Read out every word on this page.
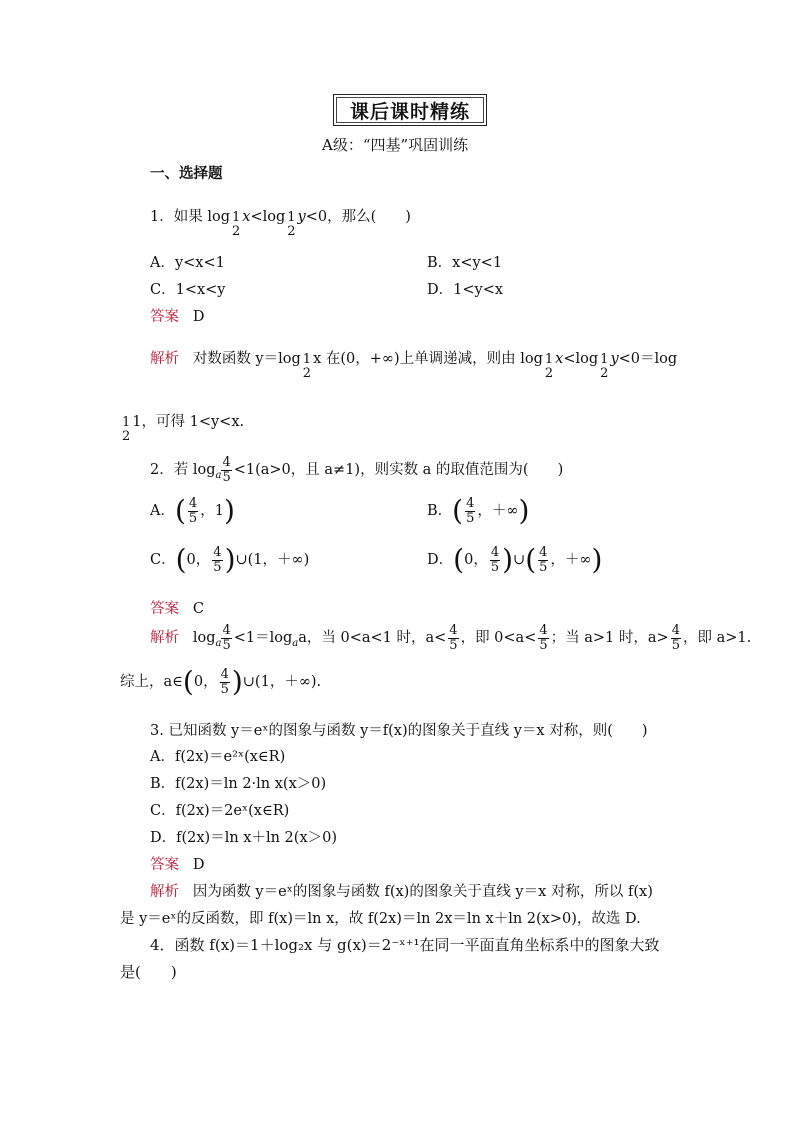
课后课时精练
A级：“四基”巩固训练
一、选择题
1．如果 log 1
2
x<log 1
2
y<0，那么(　　)
A．y<x<1	B．x<y<1
C．1<x<y	D．1<y<x
答案 D
解析 对数函数 y＝log 1
2
x 在(0，+∞)上单调递减，则由 log 1
2
x<log 1
2
y<0＝log
1
2
1，可得 1<y<x.
2．若 $\log_a \frac{4}{5} <1(a>0$，且 a≠1)，则实数 a 的取值范围为(　　)
A．( $\frac{4}{5}$ ，1)	B．( $\frac{4}{5}$ ，＋∞)
C．(0， $\frac{4}{5}$ )∪(1，＋∞)	D．(0， $\frac{4}{5}$ )∪( $\frac{4}{5}$ ，＋∞)
答案 C
解析 $\log_a \frac{4}{5} <1=\log_aa$，当 0<a<1 时，$a< \frac{4}{5}$ ，即 $0<a< \frac{4}{5}$ ；当 a>1 时，$a> \frac{4}{5}$ ，即 a>1.
综上，a∈(0， $\frac{4}{5}$ )∪(1，＋∞).
3. 已知函数 y＝eˣ的图象与函数 y＝f(x)的图象关于直线 y＝x 对称，则(　　)
A．f(2x)＝e²ˣ(x∈R)
B．f(2x)＝ln 2·ln x(x＞0)
C．f(2x)＝2eˣ(x∈R)
D．f(2x)＝ln x＋ln 2(x＞0)
答案 D
解析 因为函数 y＝eˣ的图象与函数 f(x)的图象关于直线 y＝x 对称，所以 f(x)
是 y＝eˣ的反函数，即 f(x)＝ln x，故 f(2x)＝ln 2x＝ln x＋ln 2(x>0)，故选 D.
4．函数 f(x)＝1＋log₂x 与 g(x)＝2⁻ˣ⁺¹在同一平面直角坐标系中的图象大致
是(　　)
